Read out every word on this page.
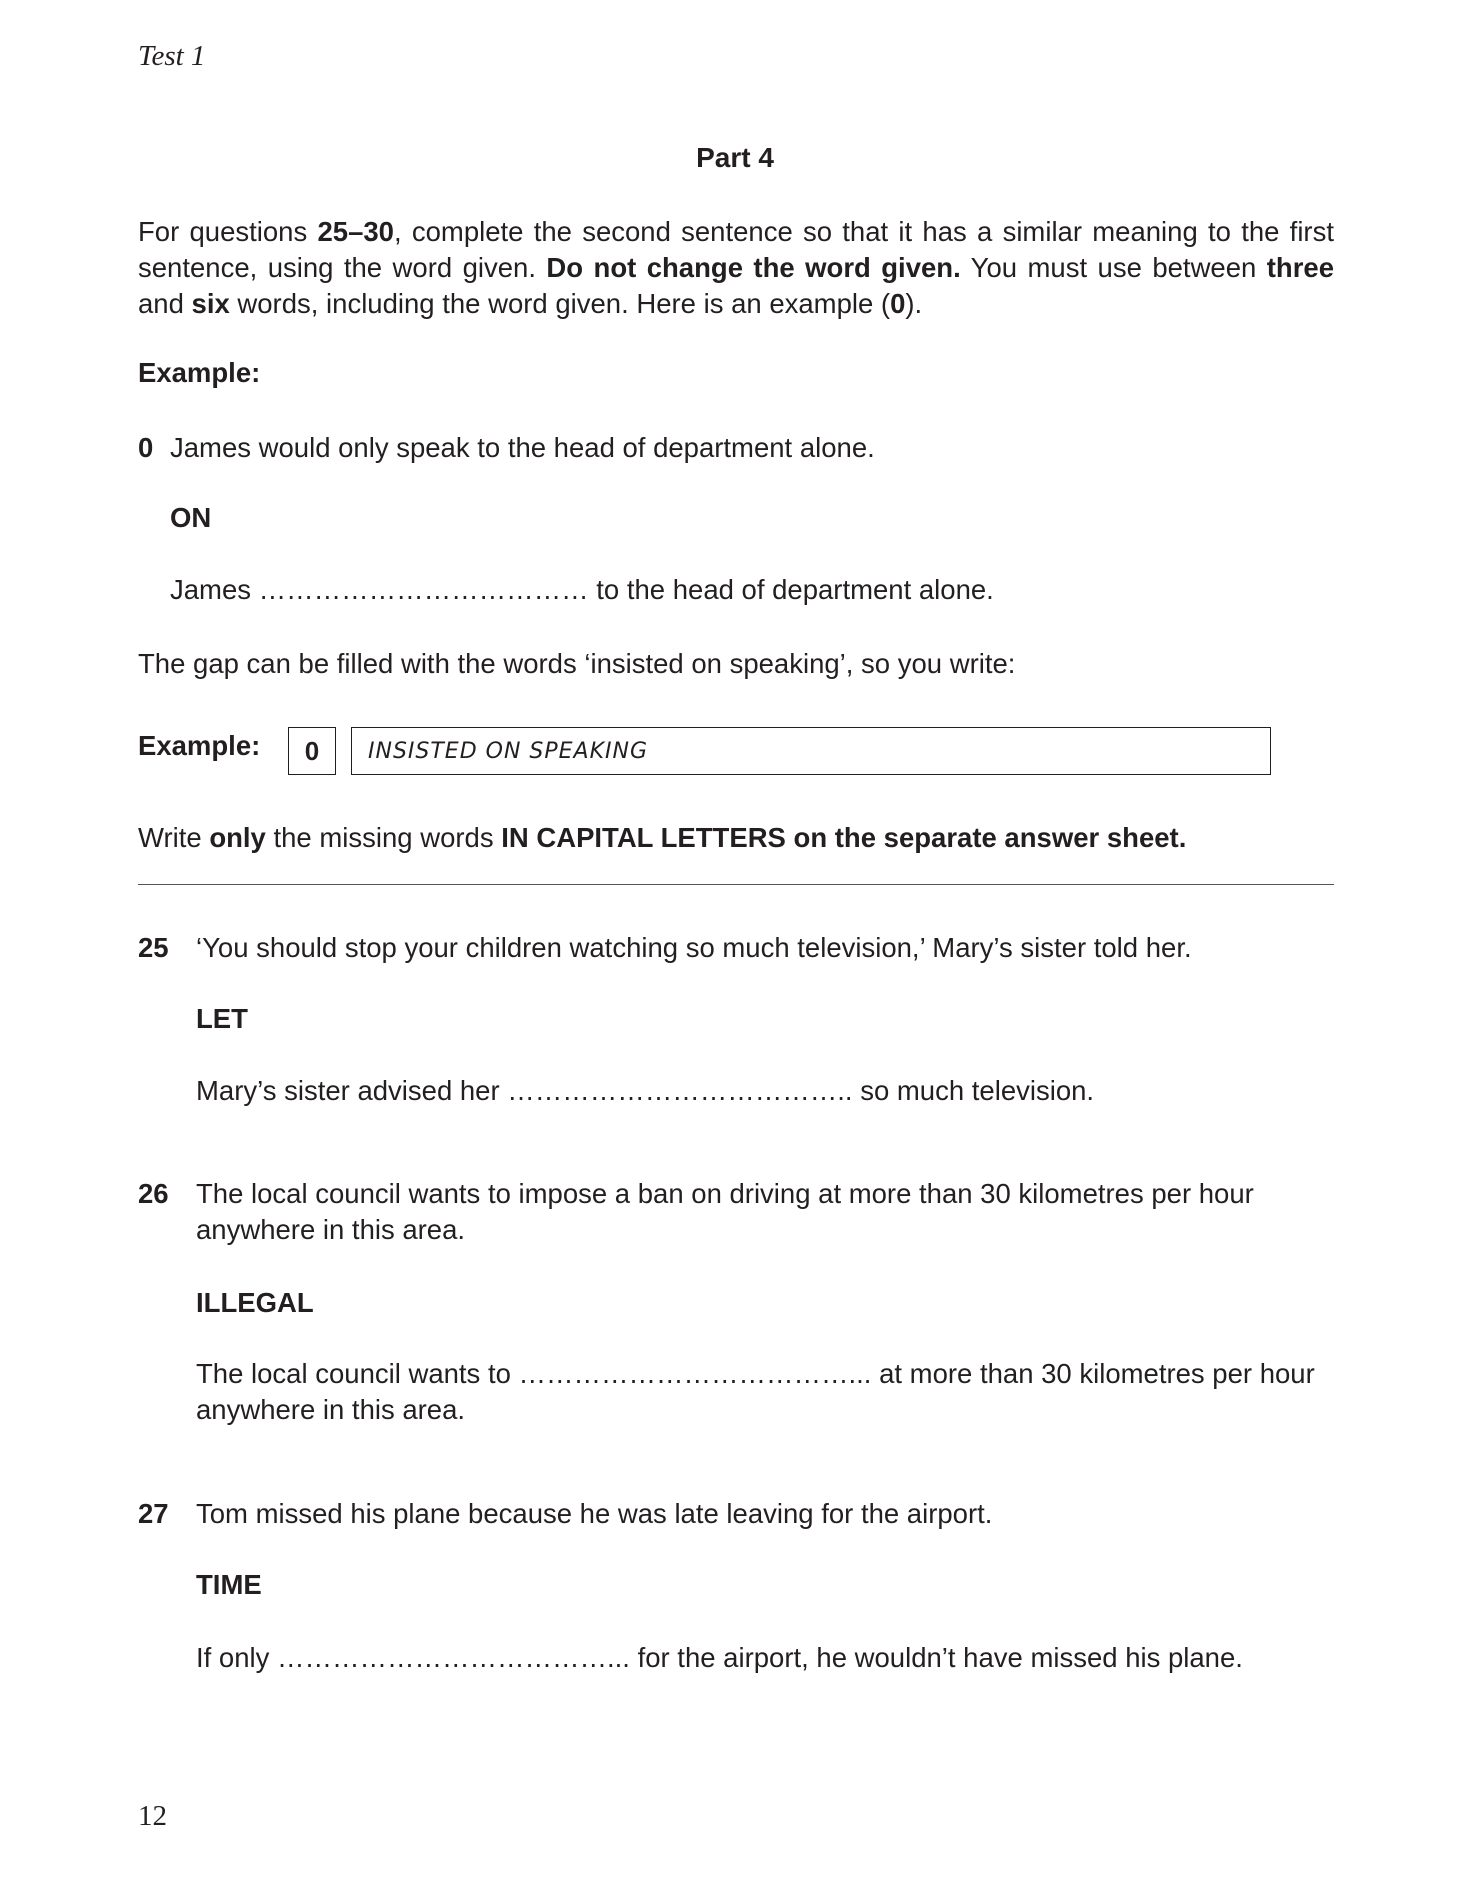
Test 1
Part 4
For questions 25–30, complete the second sentence so that it has a similar meaning to the first sentence, using the word given. Do not change the word given. You must use between three and six words, including the word given. Here is an example (0).
Example:
0 James would only speak to the head of department alone.
ON
James ……………………………… to the head of department alone.
The gap can be filled with the words ‘insisted on speaking’, so you write:
Example:	0	INSISTED ON SPEAKING
Write only the missing words IN CAPITAL LETTERS on the separate answer sheet.
25 ‘You should stop your children watching so much television,’ Mary’s sister told her.
LET
Mary’s sister advised her ……………………………….. so much television.
26 The local council wants to impose a ban on driving at more than 30 kilometres per hour anywhere in this area.
ILLEGAL
The local council wants to ………………………………... at more than 30 kilometres per hour anywhere in this area.
27 Tom missed his plane because he was late leaving for the airport.
TIME
If only ………………………………... for the airport, he wouldn’t have missed his plane.
12
